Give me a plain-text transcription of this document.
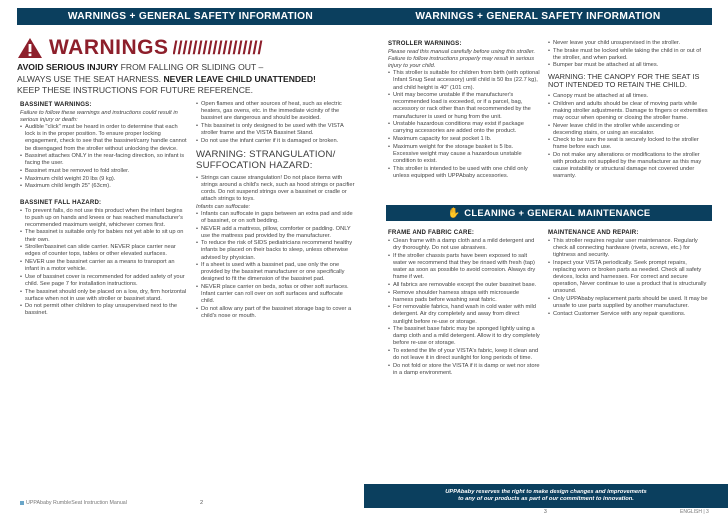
WARNINGS + GENERAL SAFETY INFORMATION
WARNINGS //////////////////
AVOID SERIOUS INJURY FROM FALLING OR SLIDING OUT –
ALWAYS USE THE SEAT HARNESS. NEVER LEAVE CHILD UNATTENDED!
KEEP THESE INSTRUCTIONS FOR FUTURE REFERENCE.
BASSINET WARNINGS:

Failure to follow these warnings and instructions could result in serious injury or death:

• Audible "click" must be heard in order to determine that each lock is in the proper position. To ensure proper locking engagement, check to see that the bassinet/carry handle cannot be disengaged from the stroller without unlocking the device.
• Bassinet attaches ONLY in the rear-facing direction, so infant is facing the user.
• Bassinet must be removed to fold stroller.
• Maximum child weight 20 lbs (9 kg).
• Maximum child length 25" (63cm).
BASSINET FALL HAZARD:
• To prevent falls, do not use this product when the infant begins to push up on hands and knees or has reached manufacturer's recommended maximum weight, whichever comes first.
• The bassinet is suitable only for babies not yet able to sit up on their own.
• Stroller/bassinet can slide carrier. NEVER place carrier near edges of counter tops, tables or other elevated surfaces.
• NEVER use the bassinet carrier as a means to transport an infant in a motor vehicle.
• Use of bassinet cover is recommended for added safety of your child. See page 7 for installation instructions.
• The bassinet should only be placed on a low, dry, firm horizontal surface when not in use with stroller or bassinet stand.
• Do not permit other children to play unsupervised next to the bassinet.
• Open flames and other sources of heat, such as electric heaters, gas ovens, etc. in the immediate vicinity of the bassinet are dangerous and should be avoided.
• This bassinet is only designed to be used with the VISTA stroller frame and the VISTA Bassinet Stand.
• Do not use the infant carrier if it is damaged or broken.
WARNING: STRANGULATION/ SUFFOCATION HAZARD:
• Strings can cause strangulation! Do not place items with strings around a child's neck, such as hood strings or pacifier cords. Do not suspend strings over a bassinet or cradle or attach strings to toys.

Infants can suffocate:

• Infants can suffocate in gaps between an extra pad and side of bassinet, or on soft bedding.
• NEVER add a mattress, pillow, comforter or padding. ONLY use the mattress pad provided by the manufacturer.
• To reduce the risk of SIDS pediatricians recommend healthy infants be placed on their backs to sleep, unless otherwise advised by physician.
• If a sheet is used with a bassinet pad, use only the one provided by the bassinet manufacturer or one specifically designed to fit the dimension of the bassinet pad.
• NEVER place carrier on beds, sofas or other soft surfaces. Infant carrier can roll over on soft surfaces and suffocate child.
• Do not allow any part of the bassinet storage bag to cover a child's nose or mouth.
UPPAbaby RumbleSeat Instruction Manual	2
WARNINGS + GENERAL SAFETY INFORMATION
STROLLER WARNINGS:

Please read this manual carefully before using this stroller. Failure to follow instructions properly may result in serious injury to your child.

• This stroller is suitable for children from birth (with optional Infant Snug Seat accessory) until child is 50 lbs (22.7 kg), and child height is 40" (101 cm).
• Unit may become unstable if the manufacturer's recommended load is exceeded, or if a parcel, bag, accessory or rack other than that recommended by the manufacturer is used or hung from the unit.
• Unstable hazardous conditions may exist if package carrying accessories are added onto the product.
• Maximum capacity for seat pocket 1 lb.
• Maximum weight for the storage basket is 5 lbs. Excessive weight may cause a hazardous unstable condition to exist.
• This stroller is intended to be used with one child only unless equipped with UPPAbaby accessories.
• Never leave your child unsupervised in the stroller.
• The brake must be locked while taking the child in or out of the stroller, and when parked.
• Bumper bar must be attached at all times.
WARNING: THE CANOPY FOR THE SEAT IS NOT INTENDED TO RETAIN THE CHILD.
• Canopy must be attached at all times.
• Children and adults should be clear of moving parts while making stroller adjustments. Damage to fingers or extremities may occur when opening or closing the stroller frame.
• Never leave child in the stroller while ascending or descending stairs, or using an escalator.
• Check to be sure the seat is securely locked to the stroller frame before each use.
• Do not make any alterations or modifications to the stroller with products not supplied by the manufacturer as this may cause instability or structural damage not covered under warranty.
✋ CLEANING + GENERAL MAINTENANCE
FRAME AND FABRIC CARE:
• Clean frame with a damp cloth and a mild detergent and dry thoroughly. Do not use abrasives.
• If the stroller chassis parts have been exposed to salt water we recommend that they be rinsed with fresh (tap) water as soon as possible to avoid corrosion. Always dry frame if wet.
• All fabrics are removable except the outer bassinet base.
• Remove shoulder harness straps with microsuede harness pads before washing seat fabric.
• For removable fabrics, hand wash in cold water with mild detergent. Air dry completely and away from direct sunlight before re-use or storage.
• The bassinet base fabric may be sponged lightly using a damp cloth and a mild detergent. Allow it to dry completely before re-use or storage.
• To extend the life of your VISTA's fabric, keep it clean and do not leave it in direct sunlight for long periods of time.
• Do not fold or store the VISTA if it is damp or wet nor store in a damp environment.
MAINTENANCE AND REPAIR:
• This stroller requires regular user maintenance. Regularly check all connecting hardware (rivets, screws, etc.) for tightness and security.
• Inspect your VISTA periodically. Seek prompt repairs, replacing worn or broken parts as needed. Check all safety devices, locks and harnesses. For correct and secure operation, Never continue to use a product that is structurally unsound.
• Only UPPAbaby replacement parts should be used. It may be unsafe to use parts supplied by another manufacturer.
• Contact Customer Service with any repair questions.
UPPAbaby reserves the right to make design changes and improvements
to any of our products as part of our commitment to innovation.
3	ENGLISH | 3
